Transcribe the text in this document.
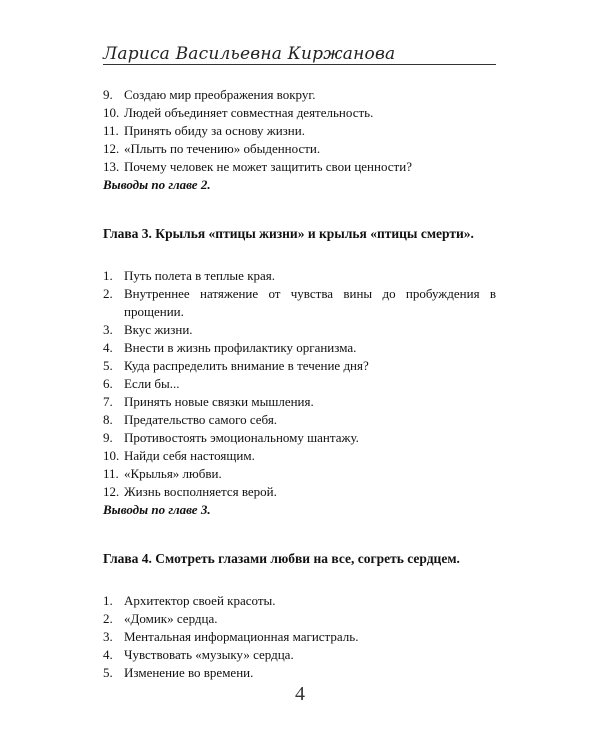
Лариса Васильевна Киржанова
9. Создаю мир преображения вокруг.
10. Людей объединяет совместная деятельность.
11. Принять обиду за основу жизни.
12. «Плыть по течению» обыденности.
13. Почему человек не может защитить свои ценности?
Выводы по главе 2.
Глава 3. Крылья «птицы жизни» и крылья «птицы смерти».
1. Путь полета в теплые края.
2. Внутреннее натяжение от чувства вины до пробуждения в прощении.
3. Вкус жизни.
4. Внести в жизнь профилактику организма.
5. Куда распределить внимание в течение дня?
6. Если бы...
7. Принять новые связки мышления.
8. Предательство самого себя.
9. Противостоять эмоциональному шантажу.
10. Найди себя настоящим.
11. «Крылья» любви.
12. Жизнь восполняется верой.
Выводы по главе 3.
Глава 4. Смотреть глазами любви на все, согреть сердцем.
1. Архитектор своей красоты.
2. «Домик» сердца.
3. Ментальная информационная магистраль.
4. Чувствовать «музыку» сердца.
5. Изменение во времени.
4
